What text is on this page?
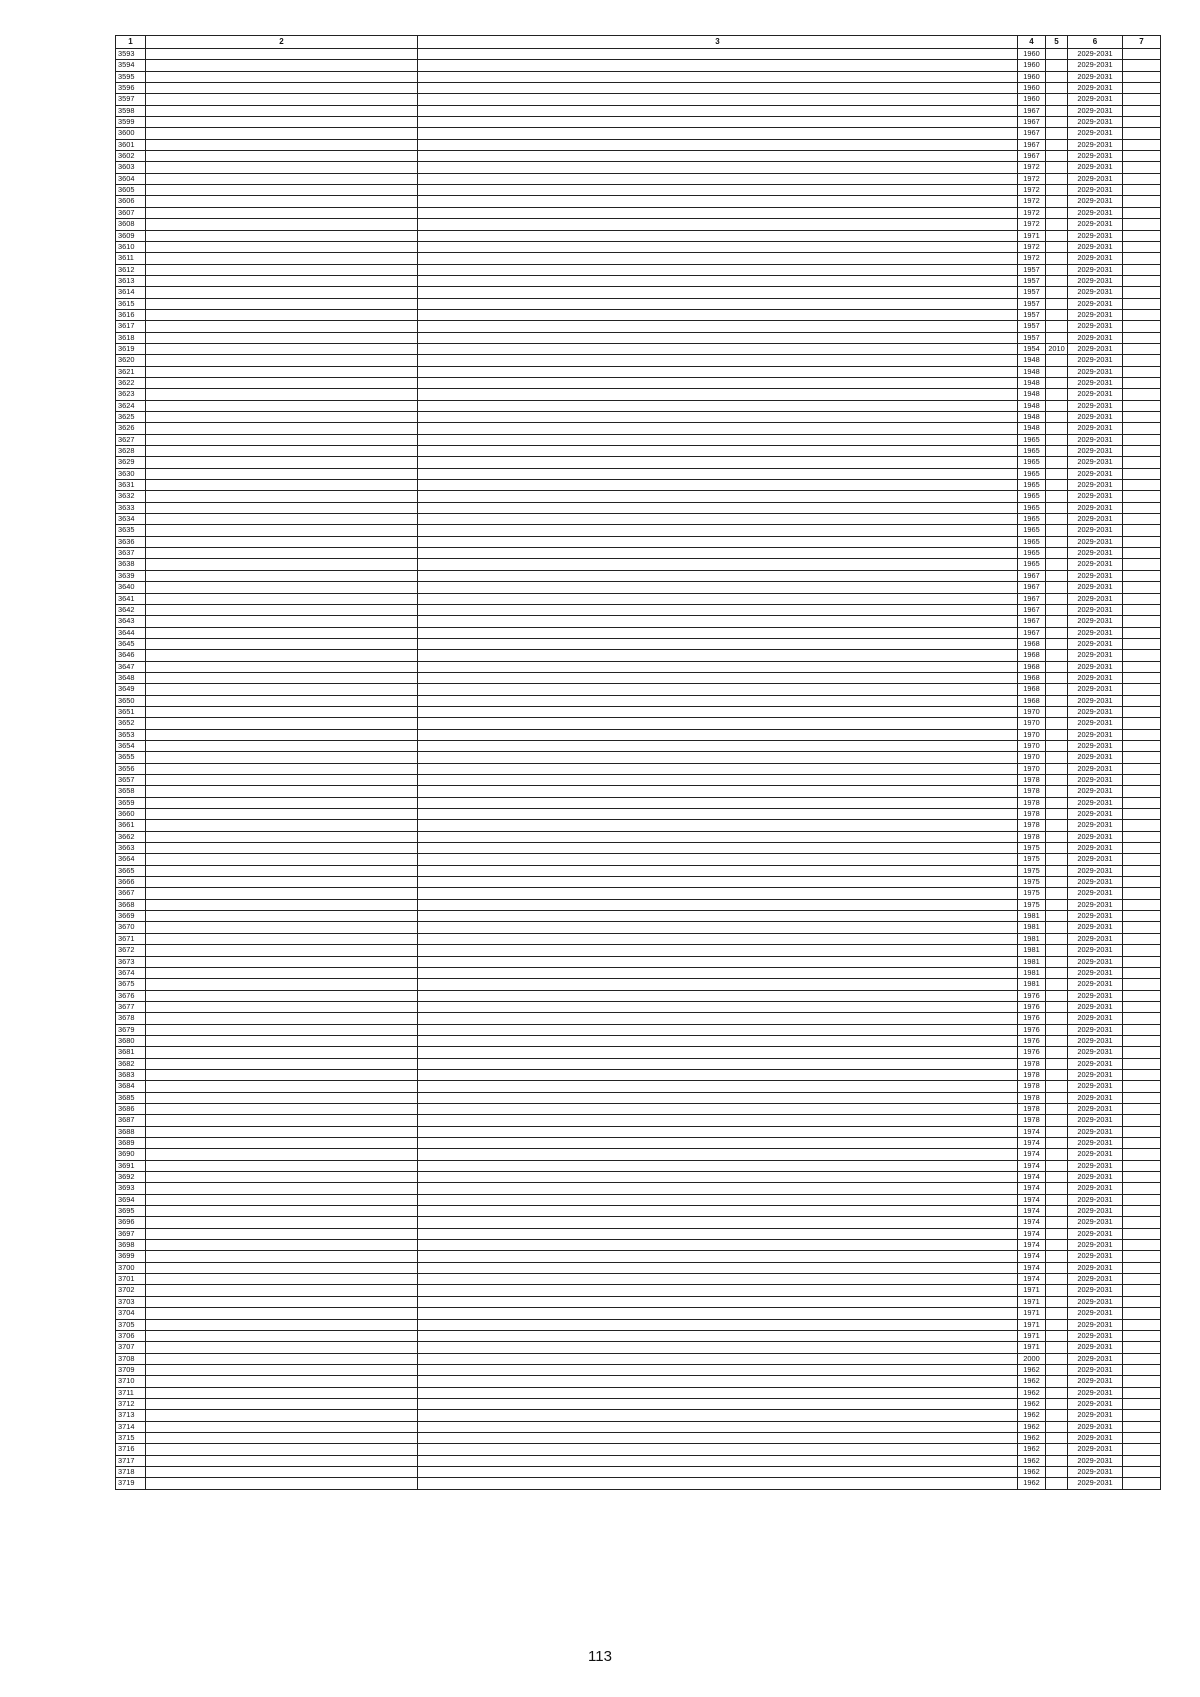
1	2	3	4	5	6	7
3593			1960		2029-2031	
3594			1960		2029-2031	
3595			1960		2029-2031	
3596			1960		2029-2031	
3597			1960		2029-2031	
3598			1967		2029-2031	
3599			1967		2029-2031	
3600			1967		2029-2031	
3601			1967		2029-2031	
3602			1967		2029-2031	
3603			1972		2029-2031	
3604			1972		2029-2031	
3605			1972		2029-2031	
3606			1972		2029-2031	
3607			1972		2029-2031	
3608			1972		2029-2031	
3609			1971		2029-2031	
3610			1972		2029-2031	
3611			1972		2029-2031	
3612			1957		2029-2031	
3613			1957		2029-2031	
3614			1957		2029-2031	
3615			1957		2029-2031	
3616			1957		2029-2031	
3617			1957		2029-2031	
3618			1957		2029-2031	
3619			1954	2010	2029-2031	
3620			1948		2029-2031	
3621			1948		2029-2031	
3622			1948		2029-2031	
3623			1948		2029-2031	
3624			1948		2029-2031	
3625			1948		2029-2031	
3626			1948		2029-2031	
3627			1965		2029-2031	
3628			1965		2029-2031	
3629			1965		2029-2031	
3630			1965		2029-2031	
3631			1965		2029-2031	
3632			1965		2029-2031	
3633			1965		2029-2031	
3634			1965		2029-2031	
3635			1965		2029-2031	
3636			1965		2029-2031	
3637			1965		2029-2031	
3638			1965		2029-2031	
3639			1967		2029-2031	
3640			1967		2029-2031	
3641			1967		2029-2031	
3642			1967		2029-2031	
3643			1967		2029-2031	
3644			1967		2029-2031	
3645			1968		2029-2031	
3646			1968		2029-2031	
3647			1968		2029-2031	
3648			1968		2029-2031	
3649			1968		2029-2031	
3650			1968		2029-2031	
3651			1970		2029-2031	
3652			1970		2029-2031	
3653			1970		2029-2031	
3654			1970		2029-2031	
3655			1970		2029-2031	
3656			1970		2029-2031	
3657			1978		2029-2031	
3658			1978		2029-2031	
3659			1978		2029-2031	
3660			1978		2029-2031	
3661			1978		2029-2031	
3662			1978		2029-2031	
3663			1975		2029-2031	
3664			1975		2029-2031	
3665			1975		2029-2031	
3666			1975		2029-2031	
3667			1975		2029-2031	
3668			1975		2029-2031	
3669			1981		2029-2031	
3670			1981		2029-2031	
3671			1981		2029-2031	
3672			1981		2029-2031	
3673			1981		2029-2031	
3674			1981		2029-2031	
3675			1981		2029-2031	
3676			1976		2029-2031	
3677			1976		2029-2031	
3678			1976		2029-2031	
3679			1976		2029-2031	
3680			1976		2029-2031	
3681			1976		2029-2031	
3682			1978		2029-2031	
3683			1978		2029-2031	
3684			1978		2029-2031	
3685			1978		2029-2031	
3686			1978		2029-2031	
3687			1978		2029-2031	
3688			1974		2029-2031	
3689			1974		2029-2031	
3690			1974		2029-2031	
3691			1974		2029-2031	
3692			1974		2029-2031	
3693			1974		2029-2031	
3694			1974		2029-2031	
3695			1974		2029-2031	
3696			1974		2029-2031	
3697			1974		2029-2031	
3698			1974		2029-2031	
3699			1974		2029-2031	
3700			1974		2029-2031	
3701			1974		2029-2031	
3702			1971		2029-2031	
3703			1971		2029-2031	
3704			1971		2029-2031	
3705			1971		2029-2031	
3706			1971		2029-2031	
3707			1971		2029-2031	
3708			2000		2029-2031	
3709			1962		2029-2031	
3710			1962		2029-2031	
3711			1962		2029-2031	
3712			1962		2029-2031	
3713			1962		2029-2031	
3714			1962		2029-2031	
3715			1962		2029-2031	
3716			1962		2029-2031	
3717			1962		2029-2031	
3718			1962		2029-2031	
3719			1962		2029-2031	
113
